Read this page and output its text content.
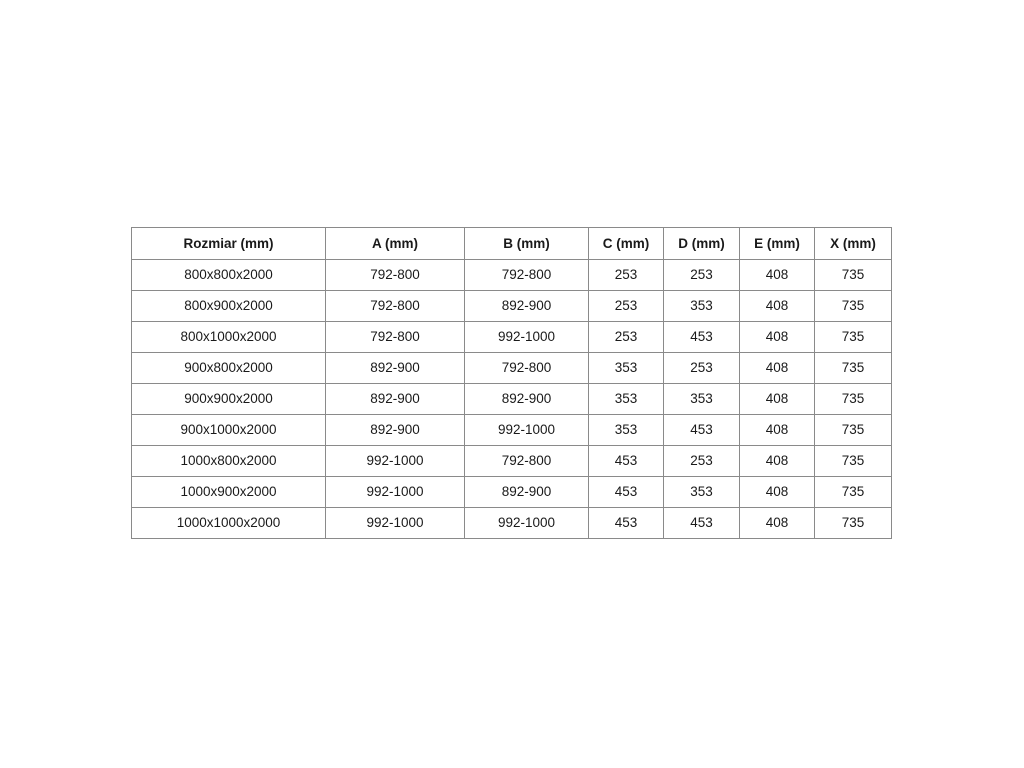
Rozmiar (mm)	A (mm)	B (mm)	C (mm)	D (mm)	E (mm)	X (mm)
800x800x2000	792-800	792-800	253	253	408	735
800x900x2000	792-800	892-900	253	353	408	735
800x1000x2000	792-800	992-1000	253	453	408	735
900x800x2000	892-900	792-800	353	253	408	735
900x900x2000	892-900	892-900	353	353	408	735
900x1000x2000	892-900	992-1000	353	453	408	735
1000x800x2000	992-1000	792-800	453	253	408	735
1000x900x2000	992-1000	892-900	453	353	408	735
1000x1000x2000	992-1000	992-1000	453	453	408	735
